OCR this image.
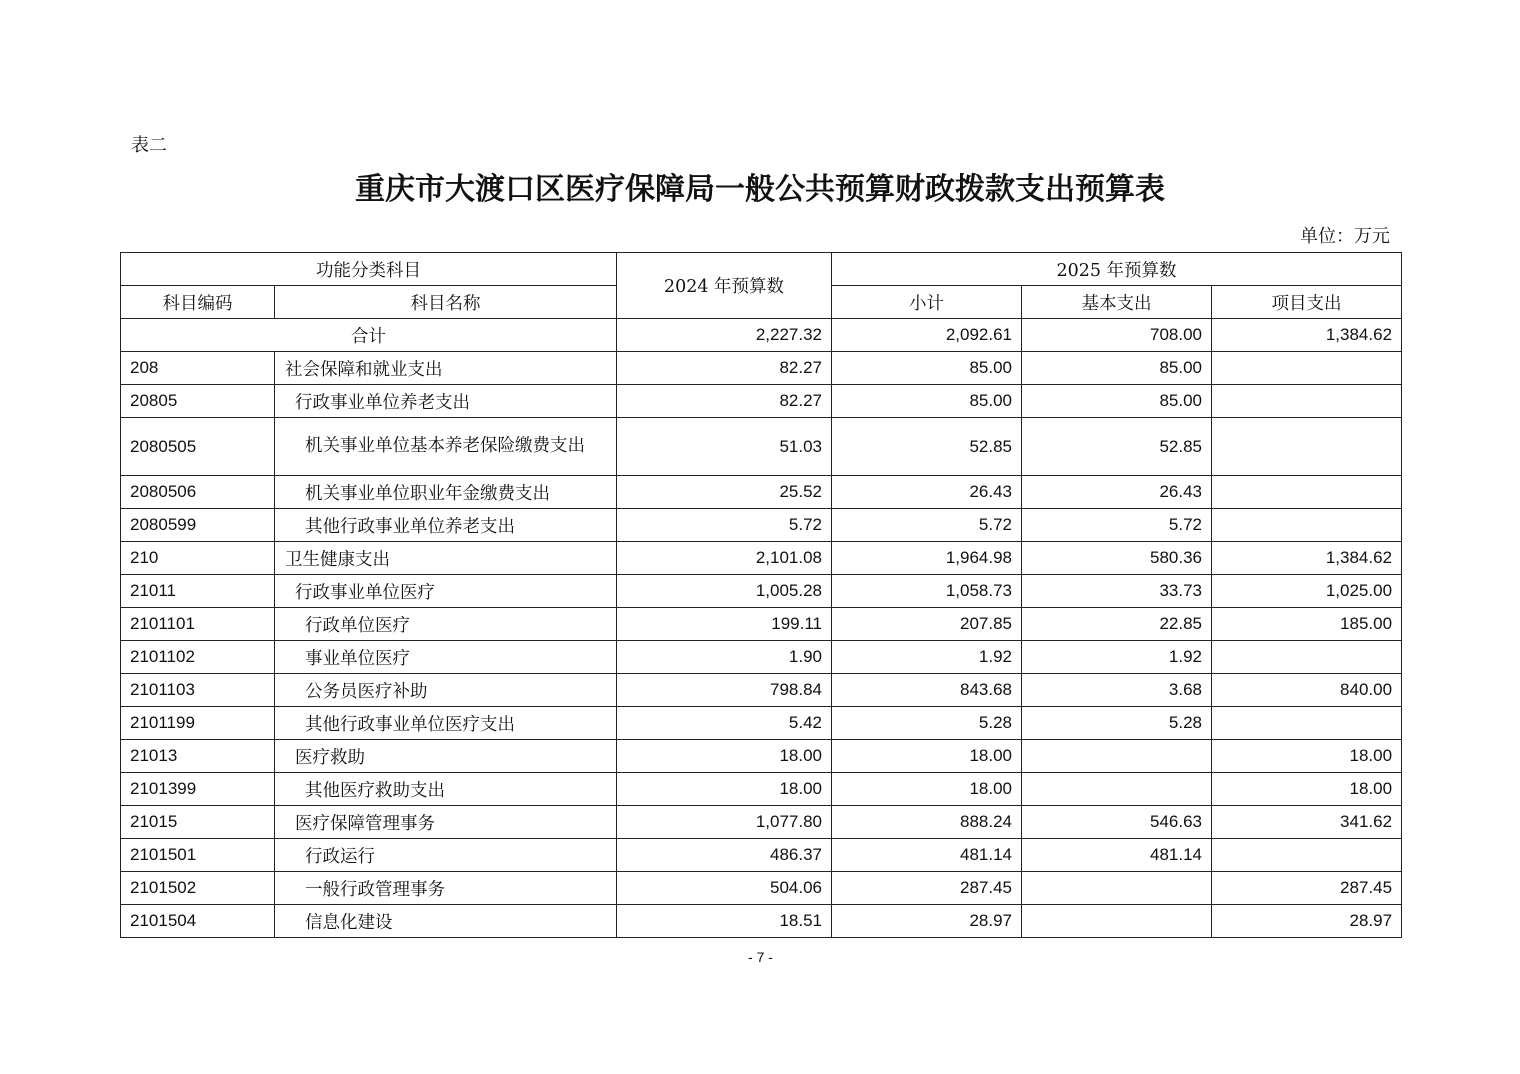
表二
重庆市大渡口区医疗保障局一般公共预算财政拨款支出预算表
单位：万元
功能分类科目		2024 年预算数	2025 年预算数		
科目编码	科目名称		小计	基本支出	项目支出
合计		2,227.32	2,092.61	708.00	1,384.62
208	社会保障和就业支出	82.27	85.00	85.00	
20805	行政事业单位养老支出	82.27	85.00	85.00	
2080505	机关事业单位基本养老保险缴费支出	51.03	52.85	52.85	
2080506	机关事业单位职业年金缴费支出	25.52	26.43	26.43	
2080599	其他行政事业单位养老支出	5.72	5.72	5.72	
210	卫生健康支出	2,101.08	1,964.98	580.36	1,384.62
21011	行政事业单位医疗	1,005.28	1,058.73	33.73	1,025.00
2101101	行政单位医疗	199.11	207.85	22.85	185.00
2101102	事业单位医疗	1.90	1.92	1.92	
2101103	公务员医疗补助	798.84	843.68	3.68	840.00
2101199	其他行政事业单位医疗支出	5.42	5.28	5.28	
21013	医疗救助	18.00	18.00		18.00
2101399	其他医疗救助支出	18.00	18.00		18.00
21015	医疗保障管理事务	1,077.80	888.24	546.63	341.62
2101501	行政运行	486.37	481.14	481.14	
2101502	一般行政管理事务	504.06	287.45		287.45
2101504	信息化建设	18.51	28.97		28.97
- 7 -
